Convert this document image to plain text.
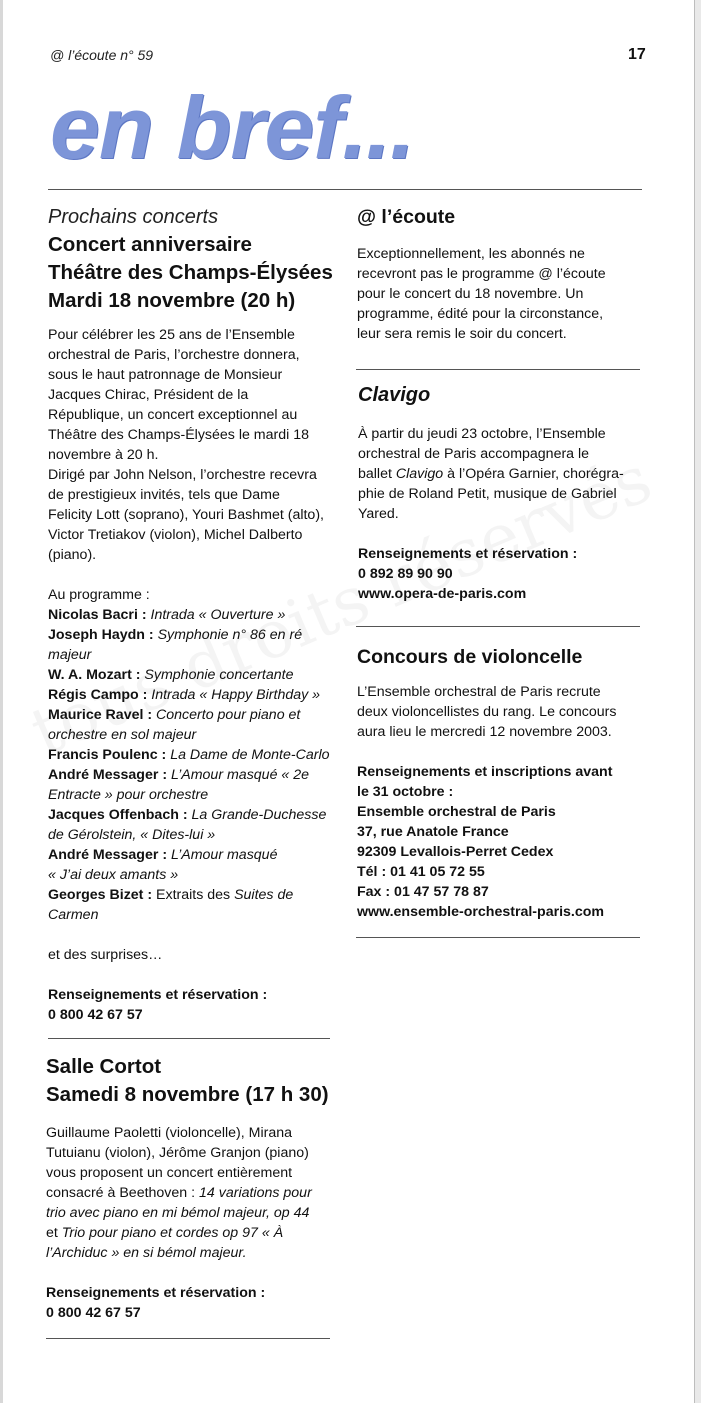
@ l’écoute n° 59	17
en bref...
Prochains concerts
Concert anniversaire
Théâtre des Champs-Élysées
Mardi 18 novembre (20 h)
Pour célébrer les 25 ans de l’Ensemble
orchestral de Paris, l’orchestre donnera,
sous le haut patronnage de Monsieur
Jacques Chirac, Président de la
République, un concert exceptionnel au
Théâtre des Champs-Élysées le mardi 18
novembre à 20 h.
Dirigé par John Nelson, l’orchestre recevra
de prestigieux invités, tels que Dame
Felicity Lott (soprano), Youri Bashmet (alto),
Victor Tretiakov (violon), Michel Dalberto
(piano).
Au programme :
Nicolas Bacri : Intrada « Ouverture »
Joseph Haydn : Symphonie n° 86 en ré
majeur
W. A. Mozart : Symphonie concertante
Régis Campo : Intrada « Happy Birthday »
Maurice Ravel : Concerto pour piano et
orchestre en sol majeur
Francis Poulenc : La Dame de Monte-Carlo
André Messager : L’Amour masqué « 2e
Entracte » pour orchestre
Jacques Offenbach : La Grande-Duchesse
de Gérolstein, « Dites-lui »
André Messager : L’Amour masqué
« J’ai deux amants »
Georges Bizet : Extraits des Suites de
Carmen
et des surprises…
Renseignements et réservation :
0 800 42 67 57
Salle Cortot
Samedi 8 novembre (17 h 30)
Guillaume Paoletti (violoncelle), Mirana
Tutuianu (violon), Jérôme Granjon (piano)
vous proposent un concert entièrement
consacré à Beethoven : 14 variations pour
trio avec piano en mi bémol majeur, op 44
et Trio pour piano et cordes op 97 « À
l’Archiduc » en si bémol majeur.
Renseignements et réservation :
0 800 42 67 57
@ l’écoute
Exceptionnellement, les abonnés ne
recevront pas le programme @ l’écoute
pour le concert du 18 novembre. Un
programme, édité pour la circonstance,
leur sera remis le soir du concert.
Clavigo
À partir du jeudi 23 octobre, l’Ensemble
orchestral de Paris accompagnera le
ballet Clavigo à l’Opéra Garnier, chorégra-
phie de Roland Petit, musique de Gabriel
Yared.
Renseignements et réservation :
0 892 89 90 90
www.opera-de-paris.com
Concours de violoncelle
L’Ensemble orchestral de Paris recrute
deux violoncellistes du rang. Le concours
aura lieu le mercredi 12 novembre 2003.
Renseignements et inscriptions avant
le 31 octobre :
Ensemble orchestral de Paris
37, rue Anatole France
92309 Levallois-Perret Cedex
Tél : 01 41 05 72 55
Fax : 01 47 57 78 87
www.ensemble-orchestral-paris.com
